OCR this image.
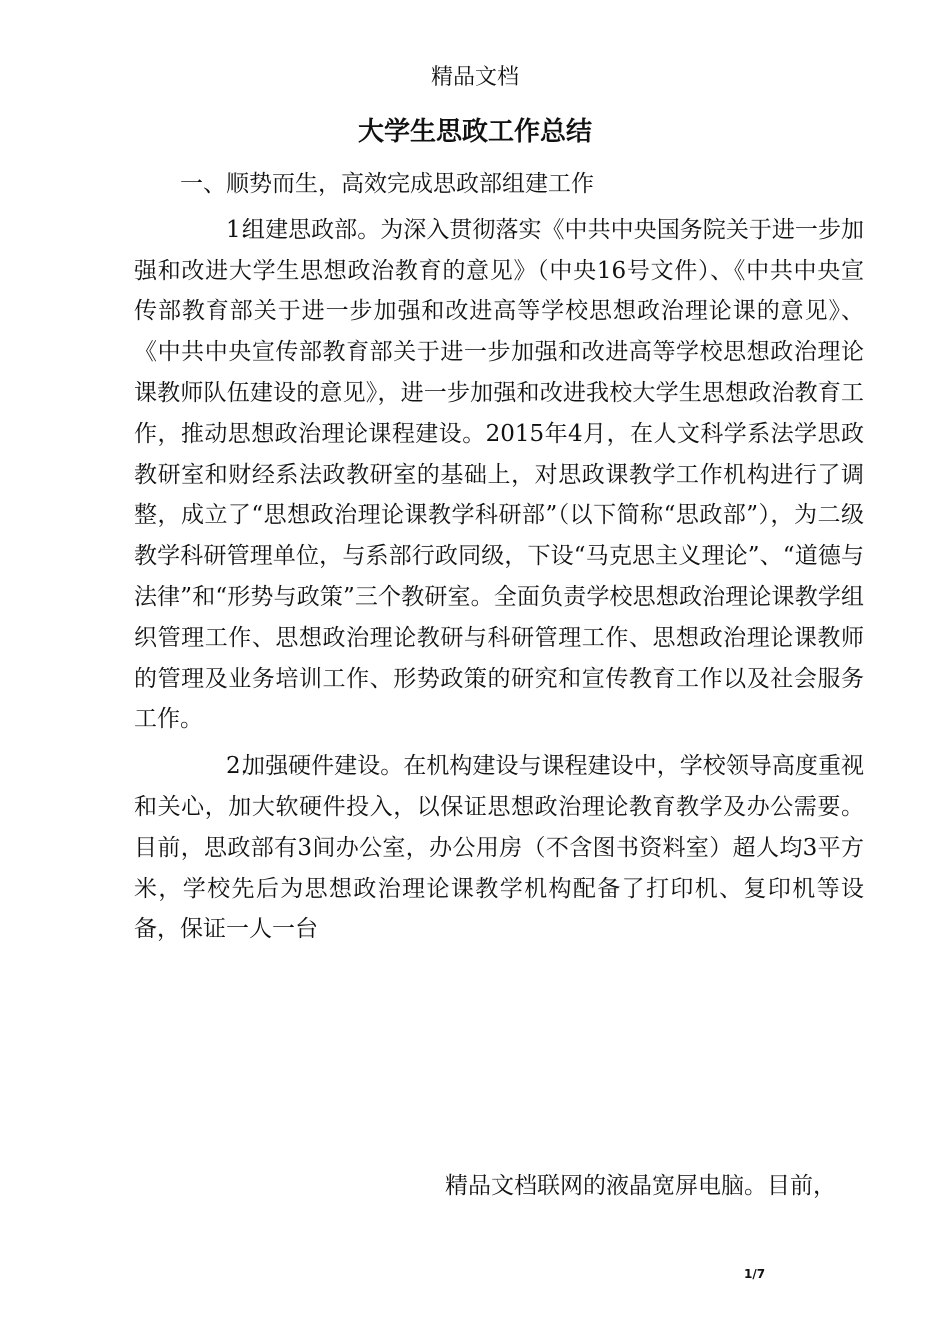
精品文档
大学生思政工作总结

一、顺势而生，高效完成思政部组建工作

1.组建思政部。为深入贯彻落实《中共中央国务院关于进一步加强和改进大学生思想政治教育的意见》（中央16号文件）、《中共中央宣传部教育部关于进一步加强和改进高等学校思想政治理论课的意见》、《中共中央宣传部教育部关于进一步加强和改进高等学校思想政治理论课教师队伍建设的意见》，进一步加强和改进我校大学生思想政治教育工作，推动思想政治理论课程建设。2015年4月，在人文科学系法学思政教研室和财经系法政教研室的基础上，对思政课教学工作机构进行了调整，成立了“思想政治理论课教学科研部”（以下简称“思政部”），为二级教学科研管理单位，与系部行政同级，下设“马克思主义理论”、“道德与法律”和“形势与政策”三个教研室。全面负责学校思想政治理论课教学组织管理工作、思想政治理论教研与科研管理工作、思想政治理论课教师的管理及业务培训工作、形势政策的研究和宣传教育工作以及社会服务工作。

2.加强硬件建设。在机构建设与课程建设中，学校领导高度重视和关心，加大软硬件投入，以保证思想政治理论教育教学及办公需要。目前，思政部有3间办公室，办公用房（不含图书资料室）超人均3平方米，学校先后为思想政治理论课教学机构配备了打印机、复印机等设备，保证一人一台

精品文档联网的液晶宽屏电脑。目前，
1/7
